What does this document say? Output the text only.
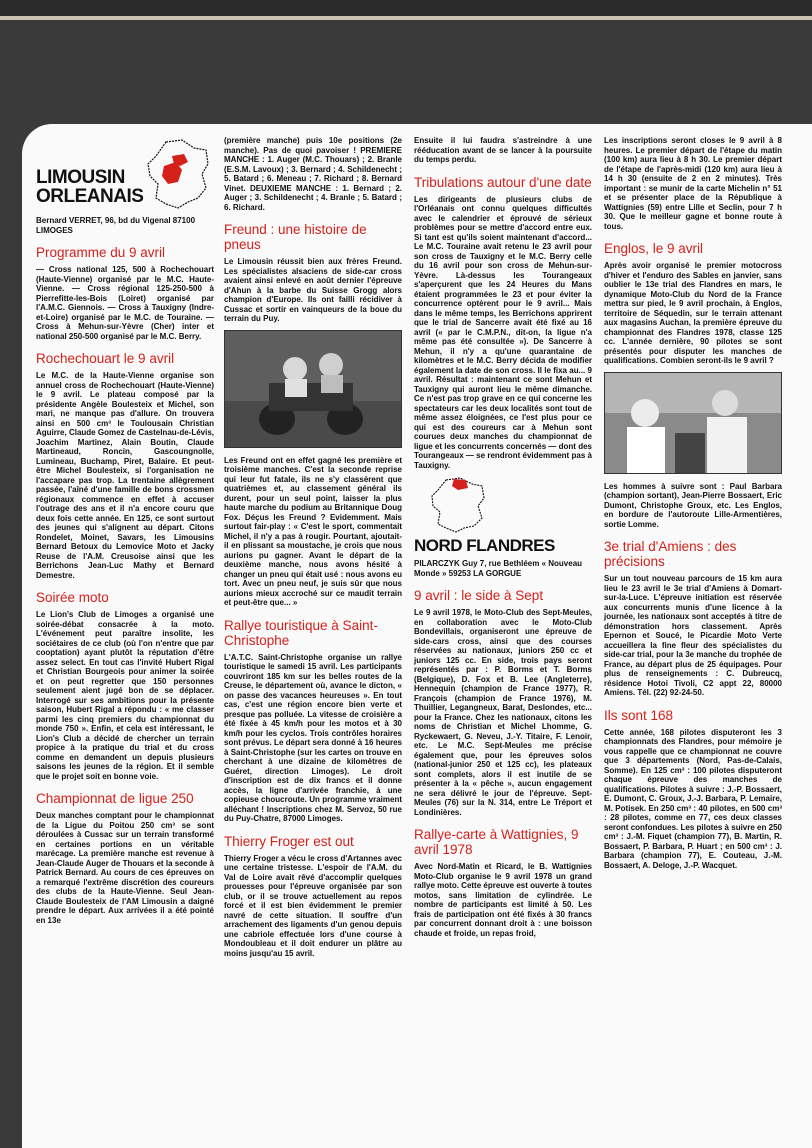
LIMOUSIN
ORLEANAIS
Bernard VERRET, 96, bd du Vigenal 87100 LIMOGES
Programme du 9 avril
— Cross national 125, 500 à Rochechouart (Haute-Vienne) organisé par le M.C. Haute-Vienne. — Cross régional 125-250-500 à Pierrefitte-les-Bois (Loiret) organisé par l'A.M.C. Giennois. — Cross à Tauxigny (Indre-et-Loire) organisé par le M.C. de Touraine. — Cross à Mehun-sur-Yèvre (Cher) inter et national 250-500 organisé par le M.C. Berry.
Rochechouart le 9 avril
Le M.C. de la Haute-Vienne organise son annuel cross de Rochechouart (Haute-Vienne) le 9 avril. Le plateau composé par la présidente Angèle Boulesteix et Michel, son mari, ne manque pas d'allure. On trouvera ainsi en 500 cm³ le Toulousain Christian Aguirre, Claude Gomez de Castelnau-de-Lévis, Joachim Martinez, Alain Boutin, Claude Martineaud, Roncin, Gascoungnolle, Lumineau, Buchamp, Piret, Balaire. Et peut-être Michel Boulesteix, si l'organisation ne l'accapare pas trop. La trentaine allègrement passée, l'aîné d'une famille de bons crossmen régionaux commence en effet à accuser l'outrage des ans et il n'a encore couru que deux fois cette année. En 125, ce sont surtout des jeunes qui s'alignent au départ. Citons Rondelet, Moinet, Savars, les Limousins Bernard Betoux du Lemovice Moto et Jacky Reuse de l'A.M. Creusoise ainsi que les Berrichons Jean-Luc Mathy et Bernard Demestre.
Soirée moto
Le Lion's Club de Limoges a organisé une soirée-débat consacrée à la moto. L'événement peut paraître insolite, les sociétaires de ce club (où l'on n'entre que par cooptation) ayant plutôt la réputation d'être assez select. En tout cas l'invité Hubert Rigal et Christian Bourgeois pour animer la soirée et on peut regretter que 150 personnes seulement aient jugé bon de se déplacer. Interrogé sur ses ambitions pour la présente saison, Hubert Rigal a répondu : « me classer parmi les cinq premiers du championnat du monde 750 ». Enfin, et cela est intéressant, le Lion's Club a décidé de chercher un terrain propice à la pratique du trial et du cross comme en demandent un depuis plusieurs saisons les jeunes de la région. Et il semble que le projet soit en bonne voie.
Championnat de ligue 250
Deux manches comptant pour le championnat de la Ligue du Poitou 250 cm³ se sont déroulées à Cussac sur un terrain transformé en certaines portions en un véritable marécage. La première manche est revenue à Jean-Claude Auger de Thouars et la seconde à Patrick Bernard. Au cours de ces épreuves on a remarqué l'extrême discrétion des coureurs des clubs de la Haute-Vienne. Seul Jean-Claude Boulesteix de l'AM Limousin a daigné prendre le départ. Aux arrivées il a été pointé en 13e
(première manche) puis 10e positions (2e manche). Pas de quoi pavoiser ! PREMIERE MANCHE : 1. Auger (M.C. Thouars) ; 2. Branle (E.S.M. Lavoux) ; 3. Bernard ; 4. Schildenecht ; 5. Batard ; 6. Meneau ; 7. Richard ; 8. Bernard Vinet. DEUXIEME MANCHE : 1. Bernard ; 2. Auger ; 3. Schildenecht ; 4. Branle ; 5. Batard ; 6. Richard.
Freund : une histoire de pneus
Le Limousin réussit bien aux frères Freund. Les spécialistes alsaciens de side-car cross avaient ainsi enlevé en août dernier l'épreuve d'Ahun à la barbe du Suisse Grogg alors champion d'Europe. Ils ont failli récidiver à Cussac et sortir en vainqueurs de la boue du terrain du Puy.
Les Freund ont en effet gagné les première et troisième manches. C'est la seconde reprise qui leur fut fatale, ils ne s'y classèrent que quatrièmes et, au classement général ils durent, pour un seul point, laisser la plus haute marche du podium au Britannique Doug Fox. Déçus les Freund ? Evidemment. Mais surtout fair-play : « C'est le sport, commentait Michel, il n'y a pas à rougir. Pourtant, ajoutait-il en plissant sa moustache, je crois que nous aurions pu gagner. Avant le départ de la deuxième manche, nous avons hésité à changer un pneu qui était usé : nous avons eu tort. Avec un pneu neuf, je suis sûr que nous aurions mieux accroché sur ce maudit terrain et peut-être que... »
Rallye touristique à Saint-Christophe
L'A.T.C. Saint-Christophe organise un rallye touristique le samedi 15 avril. Les participants couvriront 185 km sur les belles routes de la Creuse, le département où, avance le dicton, « on passe des vacances heureuses ». En tout cas, c'est une région encore bien verte et presque pas polluée. La vitesse de croisière a été fixée à 45 km/h pour les motos et à 30 km/h pour les cyclos. Trois contrôles horaires sont prévus. Le départ sera donné à 16 heures à Saint-Christophe (sur les cartes on trouve en cherchant à une dizaine de kilomètres de Guéret, direction Limoges). Le droit d'inscription est de dix francs et il donne accès, la ligne d'arrivée franchie, à une copieuse choucroute. Un programme vraiment alléchant ! Inscriptions chez M. Servoz, 50 rue du Puy-Chatre, 87000 Limoges.
Thierry Froger est out
Thierry Froger a vécu le cross d'Artannes avec une certaine tristesse. L'espoir de l'A.M. du Val de Loire avait rêvé d'accomplir quelques prouesses pour l'épreuve organisée par son club, or il se trouve actuellement au repos forcé et il est bien évidemment le premier navré de cette situation. Il souffre d'un arrachement des ligaments d'un genou depuis une cabriole effectuée lors d'une course à Mondoubleau et il doit endurer un plâtre au moins jusqu'au 15 avril.
Ensuite il lui faudra s'astreindre à une rééducation avant de se lancer à la poursuite du temps perdu.
Tribulations autour d'une date
Les dirigeants de plusieurs clubs de l'Orléanais ont connu quelques difficultés avec le calendrier et éprouvé de sérieux problèmes pour se mettre d'accord entre eux. Si tant est qu'ils soient maintenant d'accord... Le M.C. Touraine avait retenu le 23 avril pour son cross de Tauxigny et le M.C. Berry celle du 16 avril pour son cross de Mehun-sur-Yèvre. Là-dessus les Tourangeaux s'aperçurent que les 24 Heures du Mans étaient programmées le 23 et pour éviter la concurrence optèrent pour le 9 avril... Mais dans le même temps, les Berrichons apprirent que le trial de Sancerre avait été fixé au 16 avril (« par le C.M.P.N., dit-on, la ligue n'a même pas été consultée »). De Sancerre à Mehun, il n'y a qu'une quarantaine de kilomètres et le M.C. Berry décida de modifier également la date de son cross. Il le fixa au... 9 avril. Résultat : maintenant ce sont Mehun et Tauxigny qui auront lieu le même dimanche. Ce n'est pas trop grave en ce qui concerne les spectateurs car les deux localités sont tout de même assez éloignées, ce l'est plus pour ce qui est des coureurs car à Mehun sont courues deux manches du championnat de ligue et les concurrents concernés — dont des Tourangeaux — se rendront évidemment pas à Tauxigny.
NORD FLANDRES
PILARCZYK Guy 7, rue Bethléem « Nouveau Monde » 59253 LA GORGUE
9 avril : le side à Sept
Le 9 avril 1978, le Moto-Club des Sept-Meules, en collaboration avec le Moto-Club Bondevillais, organiseront une épreuve de side-cars cross, ainsi que des courses réservées au nationaux, juniors 250 cc et juniors 125 cc. En side, trois pays seront représentés par : P. Borms et T. Borms (Belgique), D. Fox et B. Lee (Angleterre), Hennequin (champion de France 1977), R. François (champion de France 1976), M. Thuillier, Legangneux, Barat, Deslondes, etc... pour la France. Chez les nationaux, citons les noms de Christian et Michel Lhomme, G. Ryckewaert, G. Neveu, J.-Y. Titaire, F. Lenoir, etc. Le M.C. Sept-Meules me précise également que, pour les épreuves solos (national-junior 250 et 125 cc), les plateaux sont complets, alors il est inutile de se présenter à la « pêche », aucun engagement ne sera délivré le jour de l'épreuve. Sept-Meules (76) sur la N. 314, entre Le Tréport et Londinières.
Rallye-carte à Wattignies, 9 avril 1978
Avec Nord-Matin et Ricard, le B. Wattignies Moto-Club organise le 9 avril 1978 un grand rallye moto. Cette épreuve est ouverte à toutes motos, sans limitation de cylindrée. Le nombre de participants est limité à 50. Les frais de participation ont été fixés à 30 francs par concurrent donnant droit à : une boisson chaude et froide, un repas froid,
Les inscriptions seront closes le 9 avril à 8 heures. Le premier départ de l'étape du matin (100 km) aura lieu à 8 h 30. Le premier départ de l'étape de l'après-midi (120 km) aura lieu à 14 h 30 (ensuite de 2 en 2 minutes). Très important : se munir de la carte Michelin n° 51 et se présenter place de la République à Wattignies (59) entre Lille et Seclin, pour 7 h 30. Que le meilleur gagne et bonne route à tous.
Englos, le 9 avril
Après avoir organisé le premier motocross d'hiver et l'enduro des Sables en janvier, sans oublier le 13e trial des Flandres en mars, le dynamique Moto-Club du Nord de la France mettra sur pied, le 9 avril prochain, à Englos, territoire de Séquedin, sur le terrain attenant aux magasins Auchan, la première épreuve du championnat des Flandres 1978, classe 125 cc. L'année dernière, 90 pilotes se sont présentés pour disputer les manches de qualifications. Combien seront-ils le 9 avril ?
Les hommes à suivre sont : Paul Barbara (champion sortant), Jean-Pierre Bossaert, Eric Dumont, Christophe Groux, etc. Les Englos, en bordure de l'autoroute Lille-Armentières, sortie Lomme.
3e trial d'Amiens : des précisions
Sur un tout nouveau parcours de 15 km aura lieu le 23 avril le 3e trial d'Amiens à Domart-sur-la-Luce. L'épreuve initiation est réservée aux concurrents munis d'une licence à la journée, les nationaux sont acceptés à titre de démonstration hors classement. Après Epernon et Soucé, le Picardie Moto Verte accueillera la fine fleur des spécialistes du side-car trial, pour la 3e manche du trophée de France, au départ plus de 25 équipages. Pour plus de renseignements : C. Dubreucq, résidence Hotoi Tivoli, C2 appt 22, 80000 Amiens. Tél. (22) 92-24-50.
Ils sont 168
Cette année, 168 pilotes disputeront les 3 championnats des Flandres, pour mémoire je vous rappelle que ce championnat ne couvre que 3 départements (Nord, Pas-de-Calais, Somme). En 125 cm³ : 100 pilotes disputeront chaque épreuve des manches de qualifications. Pilotes à suivre : J.-P. Bossaert, E. Dumont, C. Groux, J.-J. Barbara, P. Lemaire, M. Potisek. En 250 cm³ : 40 pilotes, en 500 cm³ : 28 pilotes, comme en 77, ces deux classes seront confondues. Les pilotes à suivre en 250 cm³ : J.-M. Fiquet (champion 77), B. Martin, R. Bossaert, P. Barbara, P. Huart ; en 500 cm³ : J. Barbara (champion 77), E. Couteau, J.-M. Bossaert, A. Deloge, J.-P. Wacquet.
